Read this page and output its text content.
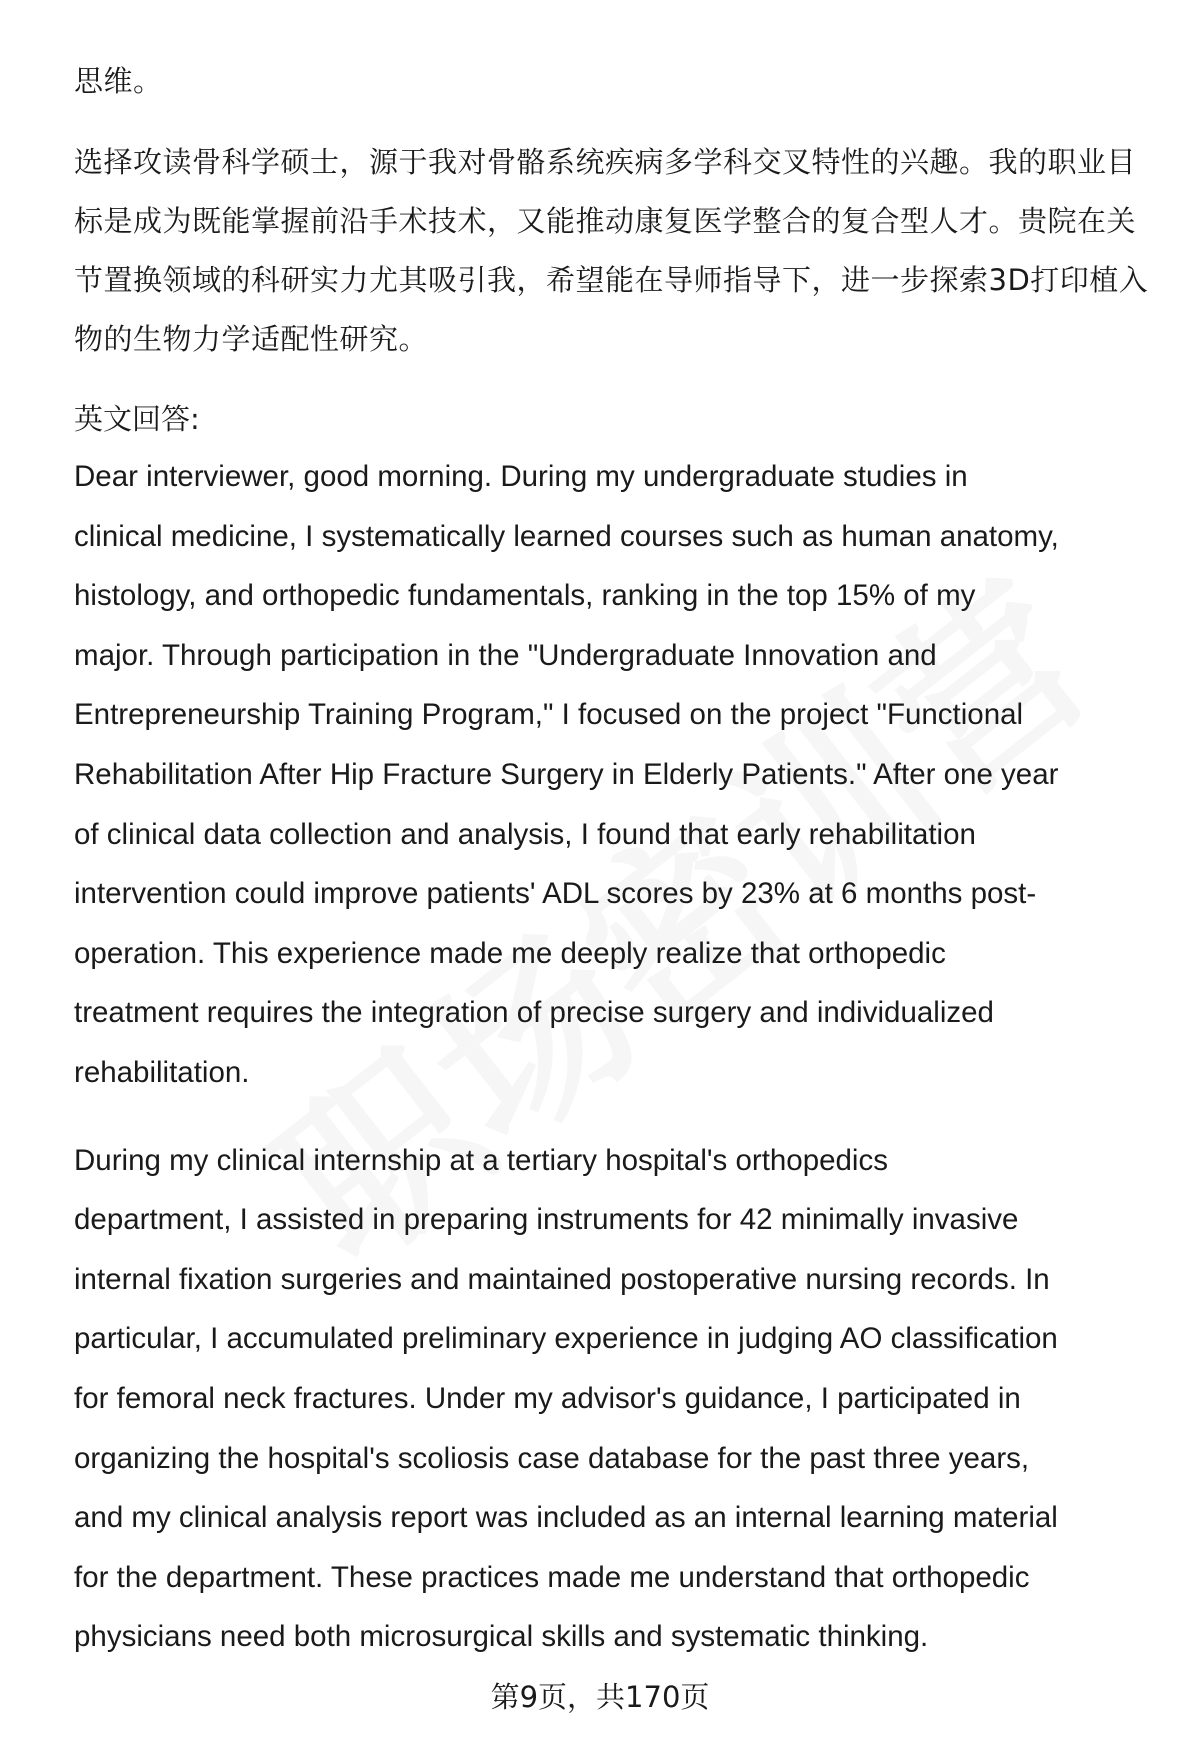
思维。

选择攻读骨科学硕士，源于我对骨骼系统疾病多学科交叉特性的兴趣。我的职业目

标是成为既能掌握前沿手术技术，又能推动康复医学整合的复合型人才。贵院在关

节置换领域的科研实力尤其吸引我，希望能在导师指导下，进一步探索3D打印植入

物的生物力学适配性研究。

英文回答:

Dear interviewer, good morning. During my undergraduate studies in
clinical medicine, I systematically learned courses such as human anatomy,
histology, and orthopedic fundamentals, ranking in the top 15% of my
major. Through participation in the "Undergraduate Innovation and
Entrepreneurship Training Program," I focused on the project "Functional
Rehabilitation After Hip Fracture Surgery in Elderly Patients." After one year
of clinical data collection and analysis, I found that early rehabilitation
intervention could improve patients' ADL scores by 23% at 6 months post-
operation. This experience made me deeply realize that orthopedic
treatment requires the integration of precise surgery and individualized
rehabilitation.
During my clinical internship at a tertiary hospital's orthopedics
department, I assisted in preparing instruments for 42 minimally invasive
internal fixation surgeries and maintained postoperative nursing records. In
particular, I accumulated preliminary experience in judging AO classification
for femoral neck fractures. Under my advisor's guidance, I participated in
organizing the hospital's scoliosis case database for the past three years,
and my clinical analysis report was included as an internal learning material
for the department. These practices made me understand that orthopedic
physicians need both microsurgical skills and systematic thinking.
第9页，共170页
